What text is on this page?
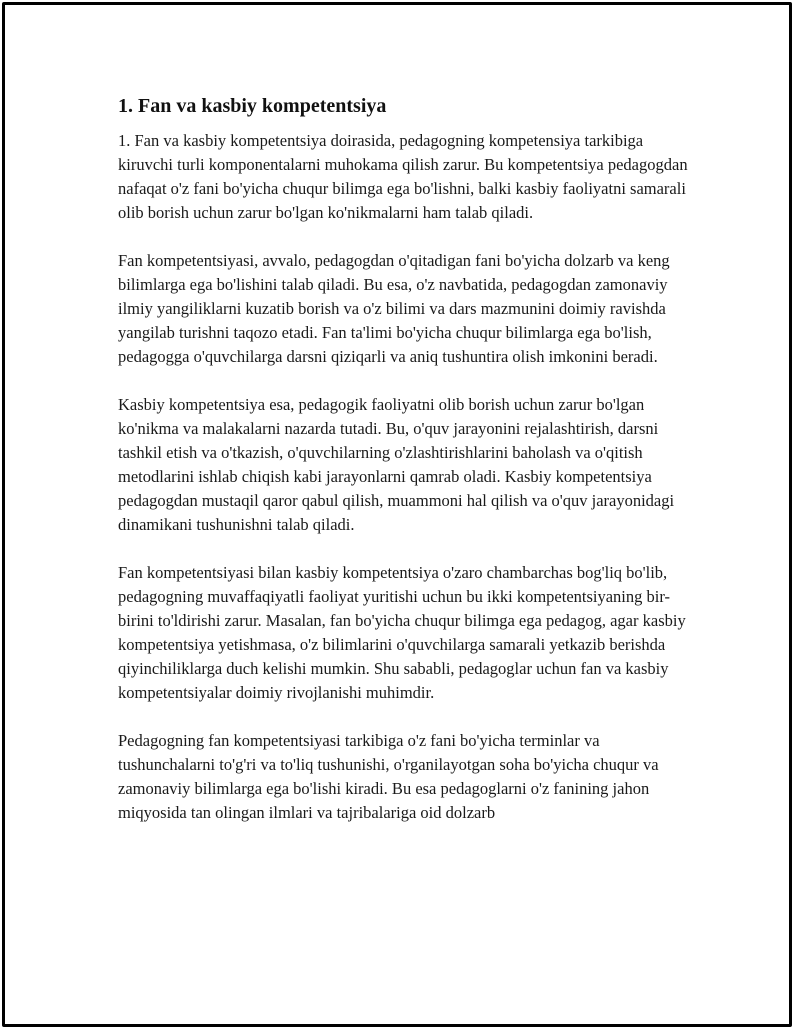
1. Fan va kasbiy kompetentsiya

1. Fan va kasbiy kompetentsiya doirasida, pedagogning kompetensiya tarkibiga kiruvchi turli komponentalarni muhokama qilish zarur. Bu kompetentsiya pedagogdan nafaqat o'z fani bo'yicha chuqur bilimga ega bo'lishni, balki kasbiy faoliyatni samarali olib borish uchun zarur bo'lgan ko'nikmalarni ham talab qiladi.

Fan kompetentsiyasi, avvalo, pedagogdan o'qitadigan fani bo'yicha dolzarb va keng bilimlarga ega bo'lishini talab qiladi. Bu esa, o'z navbatida, pedagogdan zamonaviy ilmiy yangiliklarni kuzatib borish va o'z bilimi va dars mazmunini doimiy ravishda yangilab turishni taqozo etadi. Fan ta'limi bo'yicha chuqur bilimlarga ega bo'lish, pedagogga o'quvchilarga darsni qiziqarli va aniq tushuntira olish imkonini beradi.

Kasbiy kompetentsiya esa, pedagogik faoliyatni olib borish uchun zarur bo'lgan ko'nikma va malakalarni nazarda tutadi. Bu, o'quv jarayonini rejalashtirish, darsni tashkil etish va o'tkazish, o'quvchilarning o'zlashtirishlarini baholash va o'qitish metodlarini ishlab chiqish kabi jarayonlarni qamrab oladi. Kasbiy kompetentsiya pedagogdan mustaqil qaror qabul qilish, muammoni hal qilish va o'quv jarayonidagi dinamikani tushunishni talab qiladi.

Fan kompetentsiyasi bilan kasbiy kompetentsiya o'zaro chambarchas bog'liq bo'lib, pedagogning muvaffaqiyatli faoliyat yuritishi uchun bu ikki kompetentsiyaning bir-birini to'ldirishi zarur. Masalan, fan bo'yicha chuqur bilimga ega pedagog, agar kasbiy kompetentsiya yetishmasa, o'z bilimlarini o'quvchilarga samarali yetkazib berishda qiyinchiliklarga duch kelishi mumkin. Shu sababli, pedagoglar uchun fan va kasbiy kompetentsiyalar doimiy rivojlanishi muhimdir.

Pedagogning fan kompetentsiyasi tarkibiga o'z fani bo'yicha terminlar va tushunchalarni to'g'ri va to'liq tushunishi, o'rganilayotgan soha bo'yicha chuqur va zamonaviy bilimlarga ega bo'lishi kiradi. Bu esa pedagoglarni o'z fanining jahon miqyosida tan olingan ilmlari va tajribalariga oid dolzarb
